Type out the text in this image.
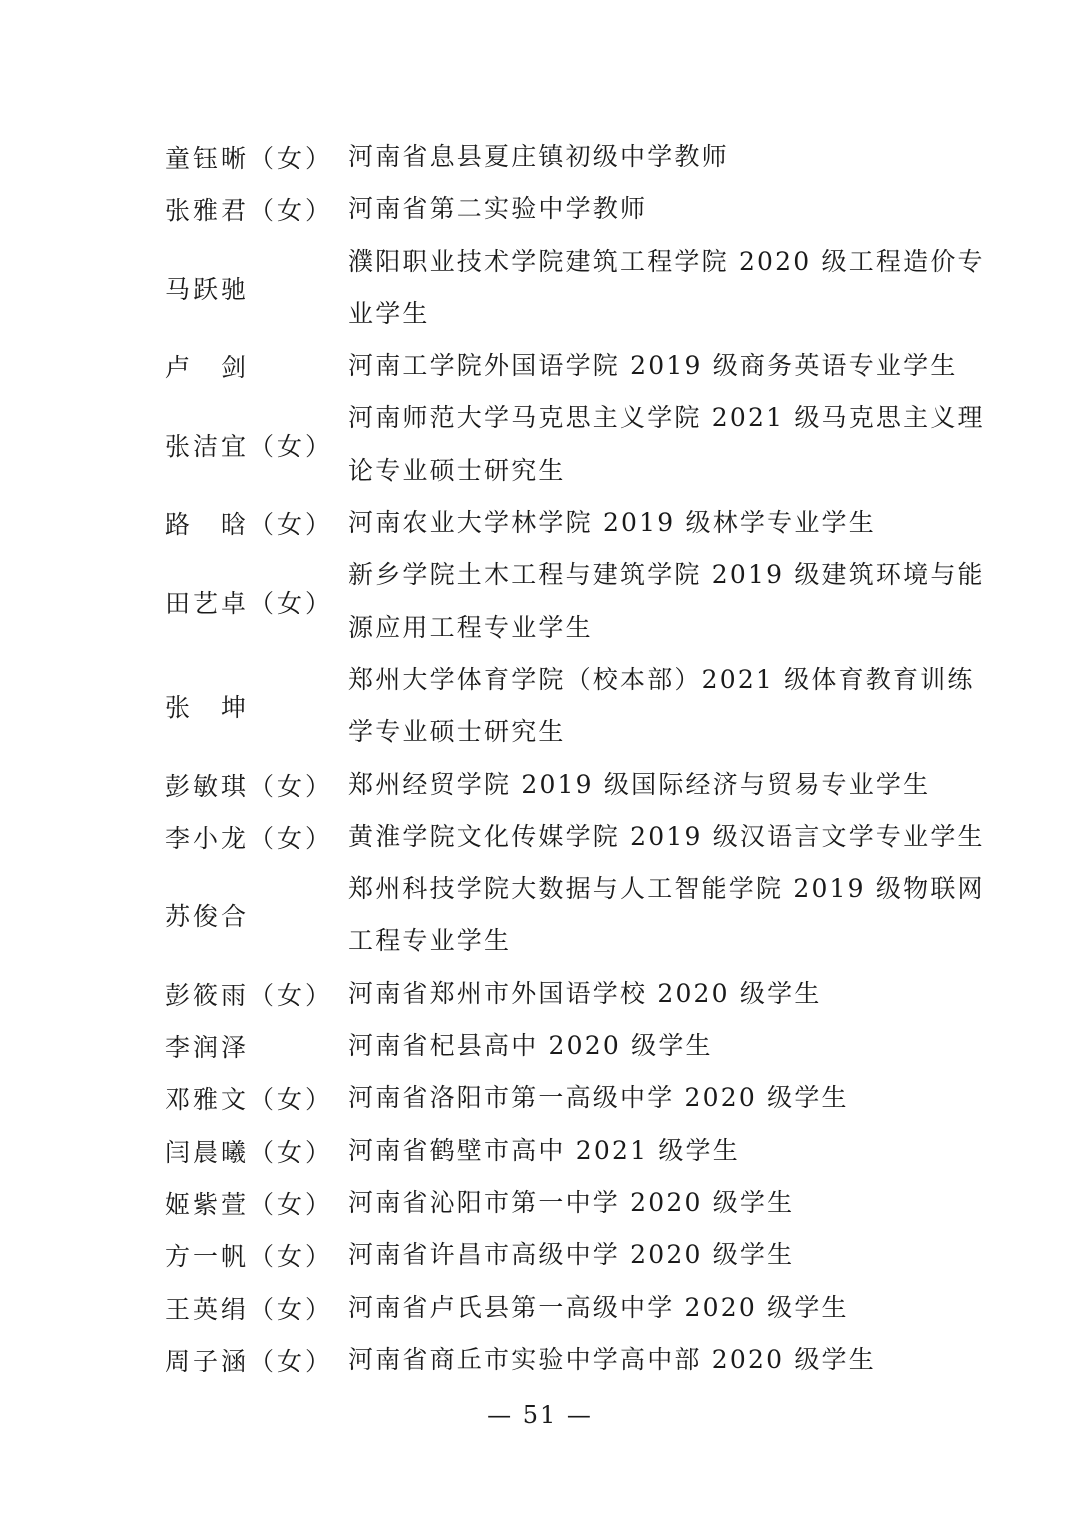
童钰晰（女） 河南省息县夏庄镇初级中学教师
张雅君（女） 河南省第二实验中学教师
马跃驰
濮阳职业技术学院建筑工程学院 2020 级工程造价专
业学生
卢　剑	河南工学院外国语学院 2019 级商务英语专业学生
张洁宜（女）
河南师范大学马克思主义学院 2021 级马克思主义理
论专业硕士研究生
路　晗（女） 河南农业大学林学院 2019 级林学专业学生
田艺卓（女）
新乡学院土木工程与建筑学院 2019 级建筑环境与能
源应用工程专业学生
张　坤
郑州大学体育学院（校本部）2021 级体育教育训练
学专业硕士研究生
彭敏琪（女） 郑州经贸学院 2019 级国际经济与贸易专业学生
李小龙（女） 黄淮学院文化传媒学院 2019 级汉语言文学专业学生
苏俊合
郑州科技学院大数据与人工智能学院 2019 级物联网
工程专业学生
彭筱雨（女） 河南省郑州市外国语学校 2020 级学生
李润泽	河南省杞县高中 2020 级学生
邓雅文（女） 河南省洛阳市第一高级中学 2020 级学生
闫晨曦（女） 河南省鹤壁市高中 2021 级学生
姬紫萱（女） 河南省沁阳市第一中学 2020 级学生
方一帆（女） 河南省许昌市高级中学 2020 级学生
王英绢（女） 河南省卢氏县第一高级中学 2020 级学生
周子涵（女） 河南省商丘市实验中学高中部 2020 级学生
— 51 —
